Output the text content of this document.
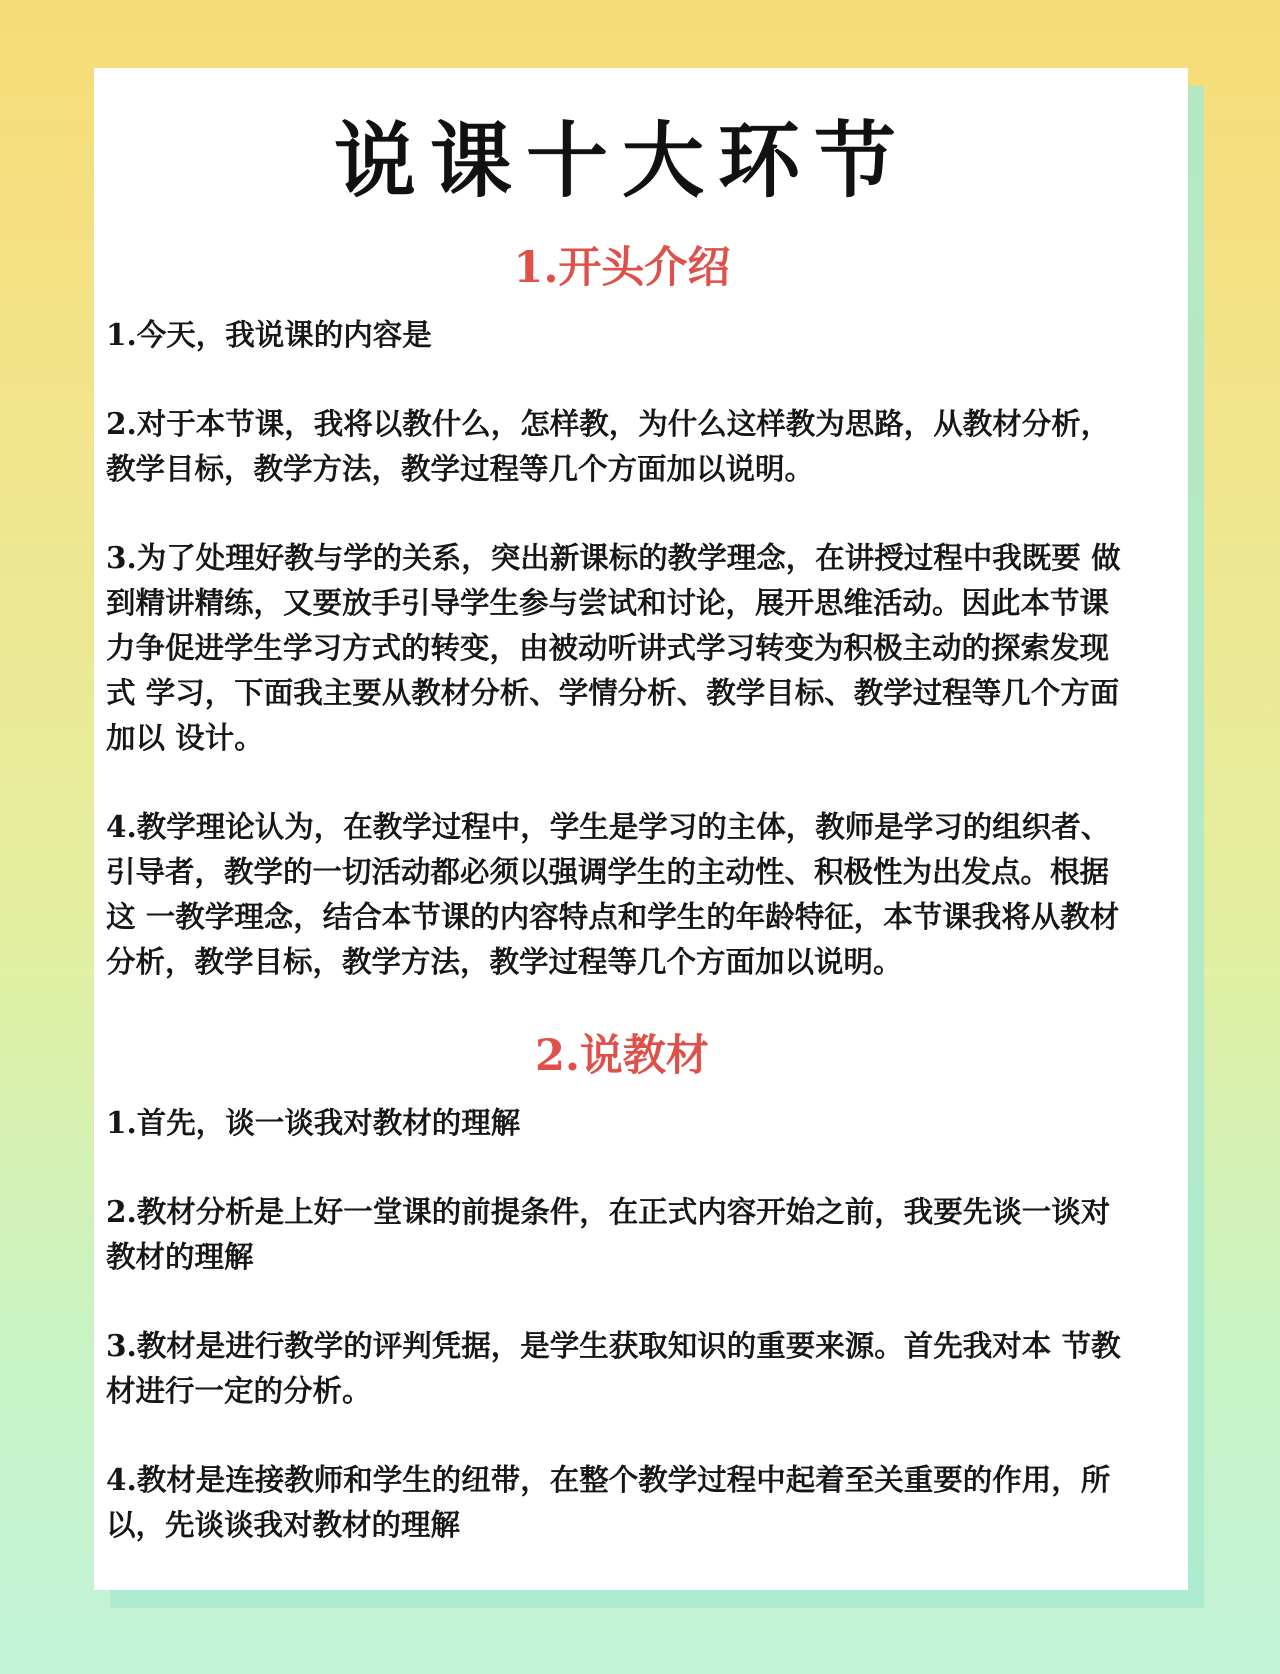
说课十大环节
1.开头介绍

1.今天，我说课的内容是

2.对于本节课，我将以教什么，怎样教，为什么这样教为思路，从教材分析，教学目标，教学方法，教学过程等几个方面加以说明。

3.为了处理好教与学的关系，突出新课标的教学理念，在讲授过程中我既要 做到精讲精练，又要放手引导学生参与尝试和讨论，展开思维活动。因此本节课 力争促进学生学习方式的转变，由被动听讲式学习转变为积极主动的探索发现式 学习，下面我主要从教材分析、学情分析、教学目标、教学过程等几个方面加以 设计。

4.教学理论认为，在教学过程中，学生是学习的主体，教师是学习的组织者、引导者，教学的一切活动都必须以强调学生的主动性、积极性为出发点。根据这 一教学理念，结合本节课的内容特点和学生的年龄特征，本节课我将从教材分析，教学目标，教学方法，教学过程等几个方面加以说明。

2.说教材

1.首先，谈一谈我对教材的理解

2.教材分析是上好一堂课的前提条件，在正式内容开始之前，我要先谈一谈对教材的理解

3.教材是进行教学的评判凭据，是学生获取知识的重要来源。首先我对本 节教材进行一定的分析。

4.教材是连接教师和学生的纽带，在整个教学过程中起着至关重要的作用，所以，先谈谈我对教材的理解
